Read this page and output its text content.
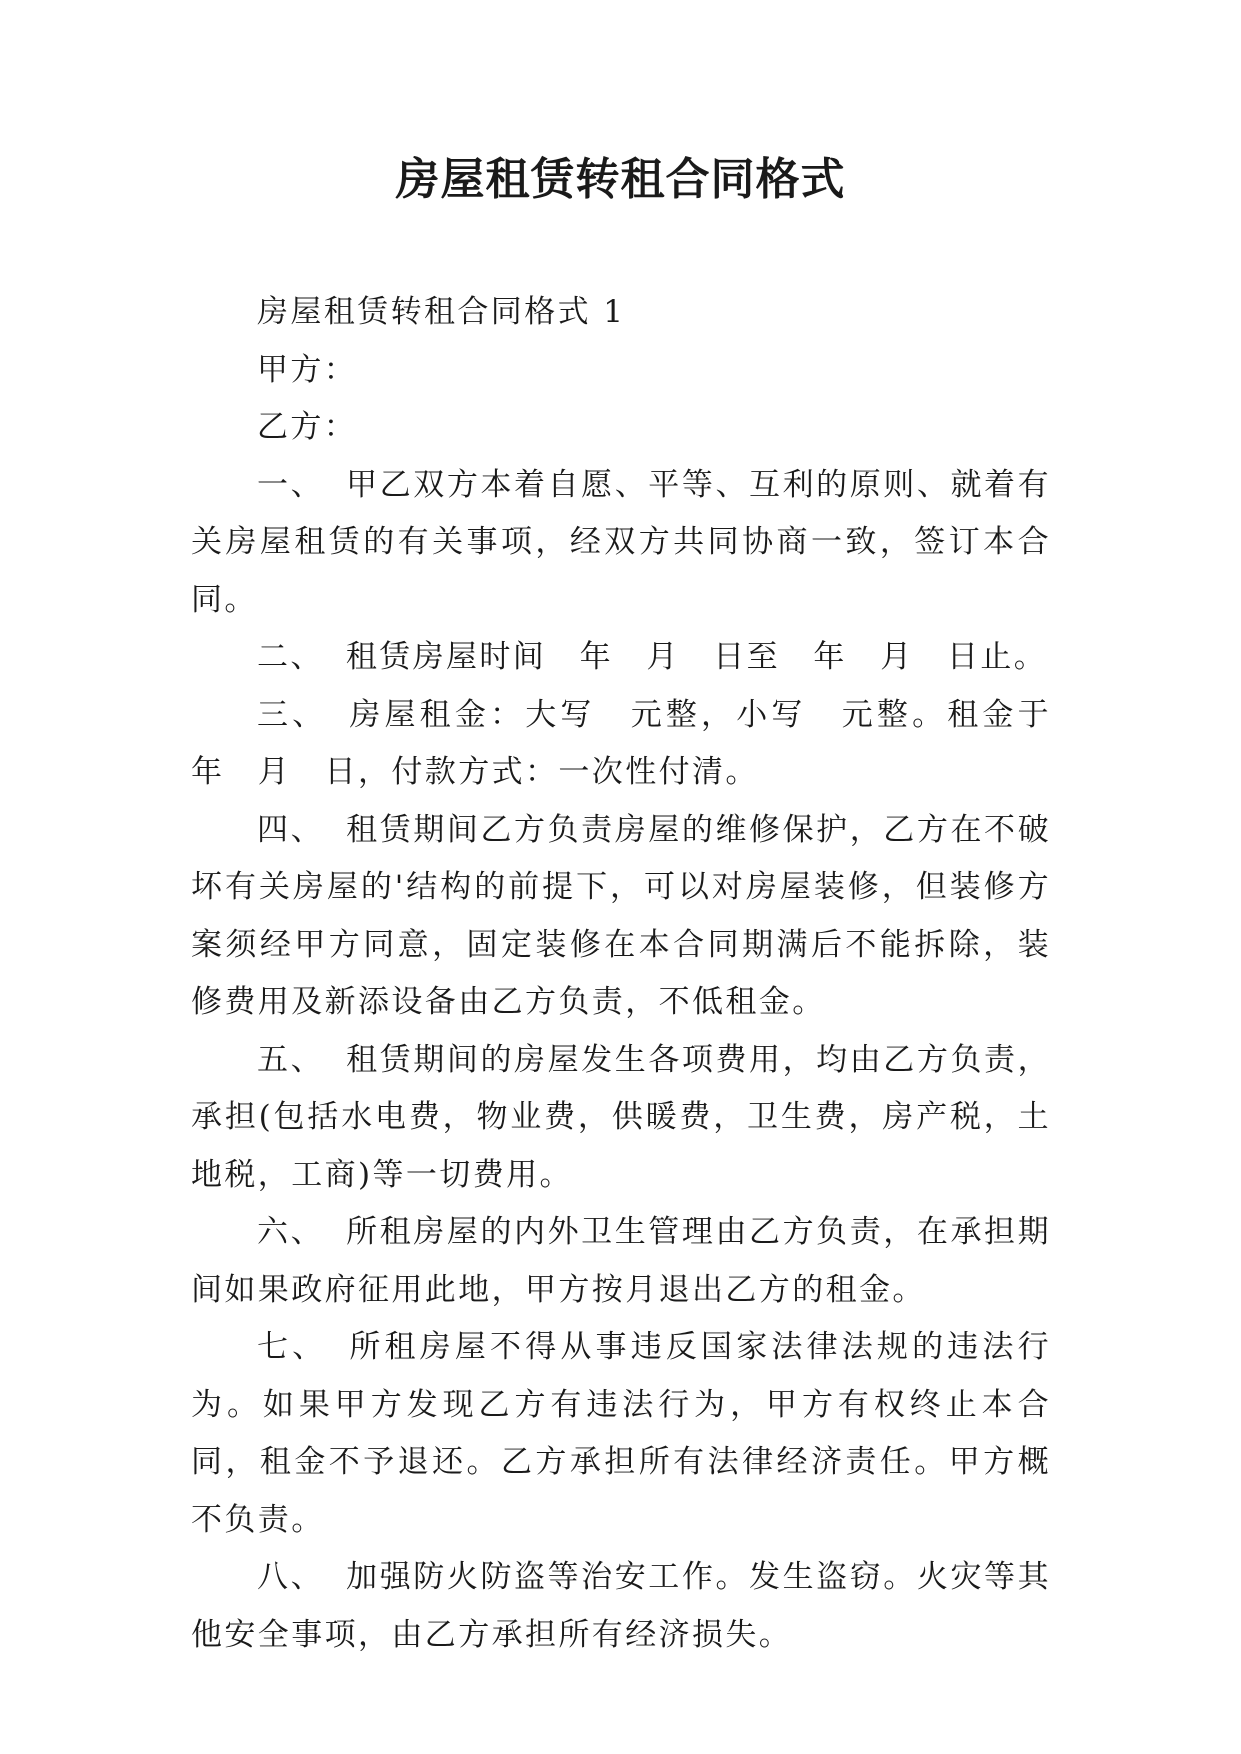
房屋租赁转租合同格式

房屋租赁转租合同格式 1

甲方：

乙方：

一、 甲乙双方本着自愿、平等、互利的原则、就着有关房屋租赁的有关事项，经双方共同协商一致，签订本合同。

二、 租赁房屋时间　年　月　日至　年　月　日止。

三、 房屋租金：大写　元整，小写　元整。租金于　年　月　日，付款方式：一次性付清。

四、 租赁期间乙方负责房屋的维修保护，乙方在不破坏有关房屋的'结构的前提下，可以对房屋装修，但装修方案须经甲方同意，固定装修在本合同期满后不能拆除，装修费用及新添设备由乙方负责，不低租金。

五、 租赁期间的房屋发生各项费用，均由乙方负责，承担(包括水电费，物业费，供暖费，卫生费，房产税，土地税，工商)等一切费用。

六、 所租房屋的内外卫生管理由乙方负责，在承担期间如果政府征用此地，甲方按月退出乙方的租金。

七、 所租房屋不得从事违反国家法律法规的违法行为。如果甲方发现乙方有违法行为，甲方有权终止本合同，租金不予退还。乙方承担所有法律经济责任。甲方概不负责。

八、 加强防火防盗等治安工作。发生盗窃。火灾等其他安全事项，由乙方承担所有经济损失。
